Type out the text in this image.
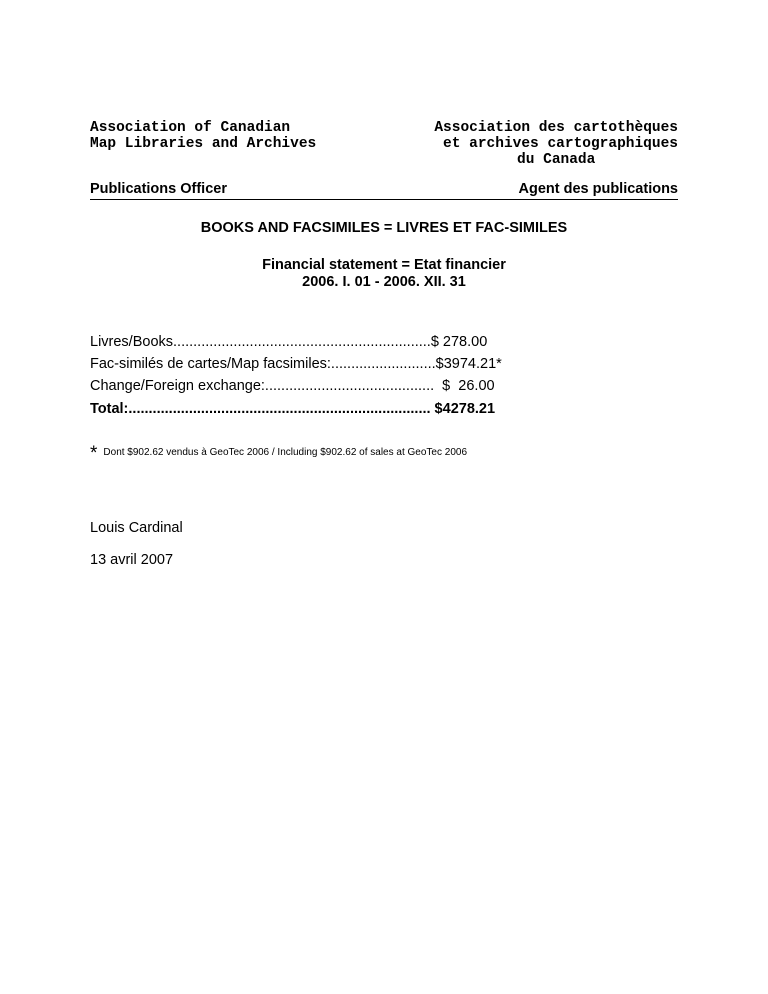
Association of Canadian
Map Libraries and Archives
Association des cartothèques
et archives cartographiques
du Canada
Publications Officer	Agent des publications
BOOKS AND FACSIMILES = LIVRES ET FAC-SIMILES
Financial statement = Etat financier
2006. I. 01 - 2006. XII. 31
Livres/Books................................................................$ 278.00
Fac-similés de cartes/Map facsimiles:..........................$3974.21*
Change/Foreign exchange:..........................................  $  26.00
Total:........................................................................... $4278.21
* Dont $902.62 vendus à GeoTec 2006 / Including $902.62 of sales at GeoTec 2006
Louis Cardinal
13 avril 2007
